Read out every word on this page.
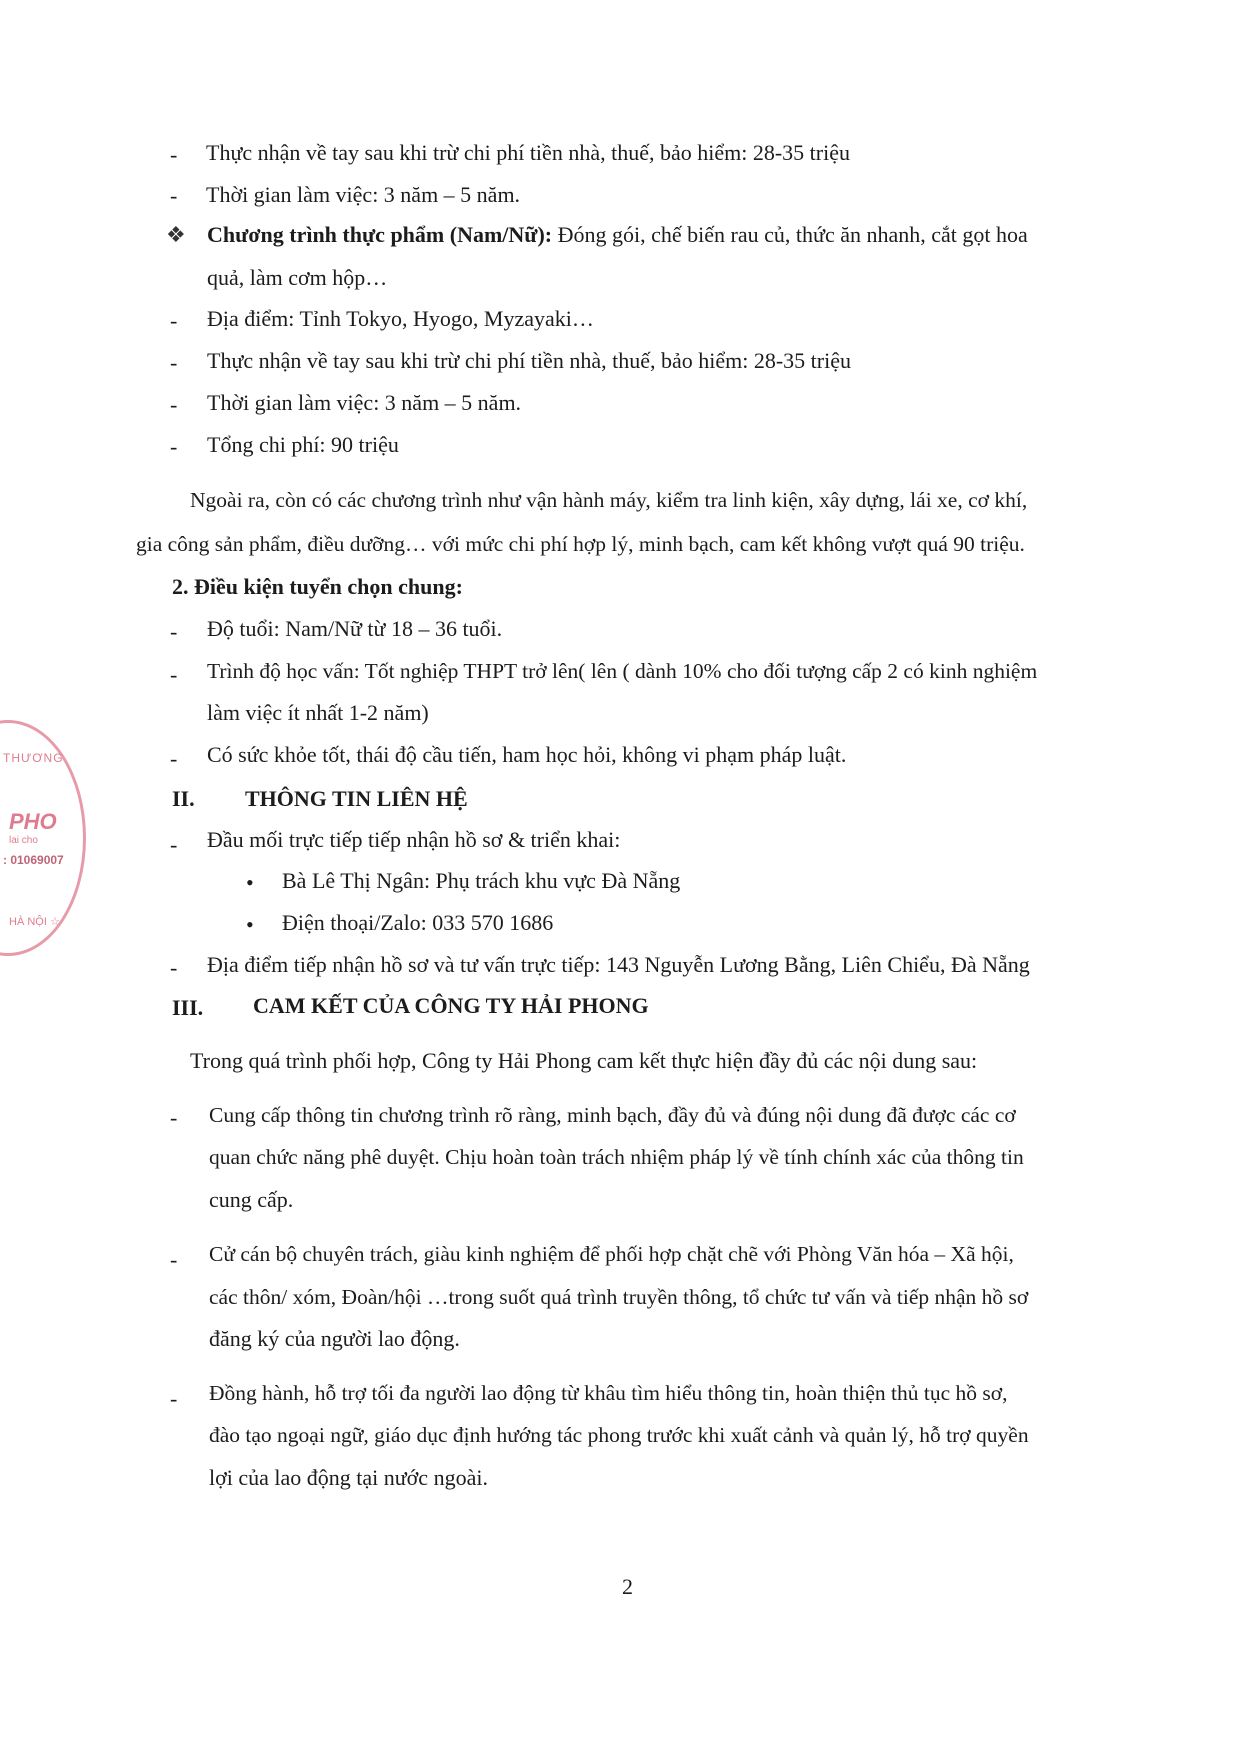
THƯƠNG
PHO
lai cho
: 01069007
HÀ NỘI ☆
- Thực nhận về tay sau khi trừ chi phí tiền nhà, thuế, bảo hiểm: 28-35 triệu
- Thời gian làm việc: 3 năm – 5 năm.
❖ Chương trình thực phẩm (Nam/Nữ): Đóng gói, chế biến rau củ, thức ăn nhanh, cắt gọt hoa
quả, làm cơm hộp…
- Địa điểm: Tỉnh Tokyo, Hyogo, Myzayaki…
- Thực nhận về tay sau khi trừ chi phí tiền nhà, thuế, bảo hiểm: 28-35 triệu
- Thời gian làm việc: 3 năm – 5 năm.
- Tổng chi phí: 90 triệu
Ngoài ra, còn có các chương trình như vận hành máy, kiểm tra linh kiện, xây dựng, lái xe, cơ khí,
gia công sản phẩm, điều dưỡng… với mức chi phí hợp lý, minh bạch, cam kết không vượt quá 90 triệu.
2. Điều kiện tuyển chọn chung:
- Độ tuổi: Nam/Nữ từ 18 – 36 tuổi.
- Trình độ học vấn: Tốt nghiệp THPT trở lên( lên ( dành 10% cho đối tượng cấp 2 có kinh nghiệm
làm việc ít nhất 1-2 năm)
- Có sức khỏe tốt, thái độ cầu tiến, ham học hỏi, không vi phạm pháp luật.
II. THÔNG TIN LIÊN HỆ
- Đầu mối trực tiếp tiếp nhận hồ sơ & triển khai:
• Bà Lê Thị Ngân: Phụ trách khu vực Đà Nẵng
• Điện thoại/Zalo: 033 570 1686
- Địa điểm tiếp nhận hồ sơ và tư vấn trực tiếp: 143 Nguyễn Lương Bằng, Liên Chiểu, Đà Nẵng
III. CAM KẾT CỦA CÔNG TY HẢI PHONG
Trong quá trình phối hợp, Công ty Hải Phong cam kết thực hiện đầy đủ các nội dung sau:
- Cung cấp thông tin chương trình rõ ràng, minh bạch, đầy đủ và đúng nội dung đã được các cơ
quan chức năng phê duyệt. Chịu hoàn toàn trách nhiệm pháp lý về tính chính xác của thông tin
cung cấp.
- Cử cán bộ chuyên trách, giàu kinh nghiệm để phối hợp chặt chẽ với Phòng Văn hóa – Xã hội,
các thôn/ xóm, Đoàn/hội …trong suốt quá trình truyền thông, tổ chức tư vấn và tiếp nhận hồ sơ
đăng ký của người lao động.
- Đồng hành, hỗ trợ tối đa người lao động từ khâu tìm hiểu thông tin, hoàn thiện thủ tục hồ sơ,
đào tạo ngoại ngữ, giáo dục định hướng tác phong trước khi xuất cảnh và quản lý, hỗ trợ quyền
lợi của lao động tại nước ngoài.
2
